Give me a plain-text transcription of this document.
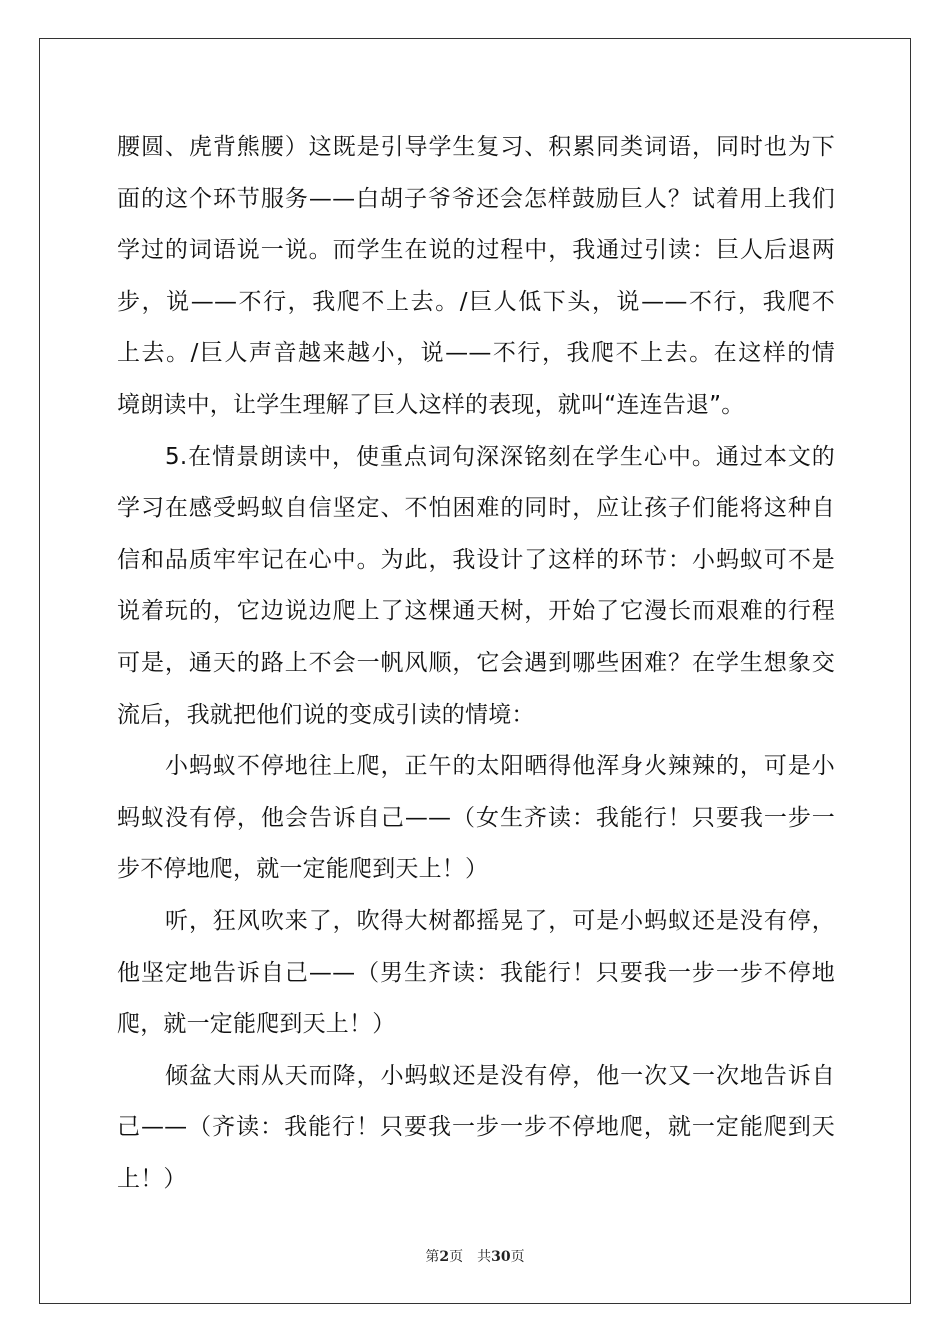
腰圆、虎背熊腰）这既是引导学生复习、积累同类词语，同时也为下
面的这个环节服务——白胡子爷爷还会怎样鼓励巨人？试着用上我们
学过的词语说一说。而学生在说的过程中，我通过引读：巨人后退两
步，说——不行，我爬不上去。/巨人低下头，说——不行，我爬不
上去。/巨人声音越来越小，说——不行，我爬不上去。在这样的情
境朗读中，让学生理解了巨人这样的表现，就叫“连连告退”。
5.在情景朗读中，使重点词句深深铭刻在学生心中。通过本文的
学习在感受蚂蚁自信坚定、不怕困难的同时，应让孩子们能将这种自
信和品质牢牢记在心中。为此，我设计了这样的环节：小蚂蚁可不是
说着玩的，它边说边爬上了这棵通天树，开始了它漫长而艰难的行程
可是，通天的路上不会一帆风顺，它会遇到哪些困难？在学生想象交
流后，我就把他们说的变成引读的情境：
小蚂蚁不停地往上爬，正午的太阳晒得他浑身火辣辣的，可是小
蚂蚁没有停，他会告诉自己——（女生齐读：我能行！只要我一步一
步不停地爬，就一定能爬到天上！）
听，狂风吹来了，吹得大树都摇晃了，可是小蚂蚁还是没有停，
他坚定地告诉自己——（男生齐读：我能行！只要我一步一步不停地
爬，就一定能爬到天上！）
倾盆大雨从天而降，小蚂蚁还是没有停，他一次又一次地告诉自
己——（齐读：我能行！只要我一步一步不停地爬，就一定能爬到天
上！）
第2页 共30页
